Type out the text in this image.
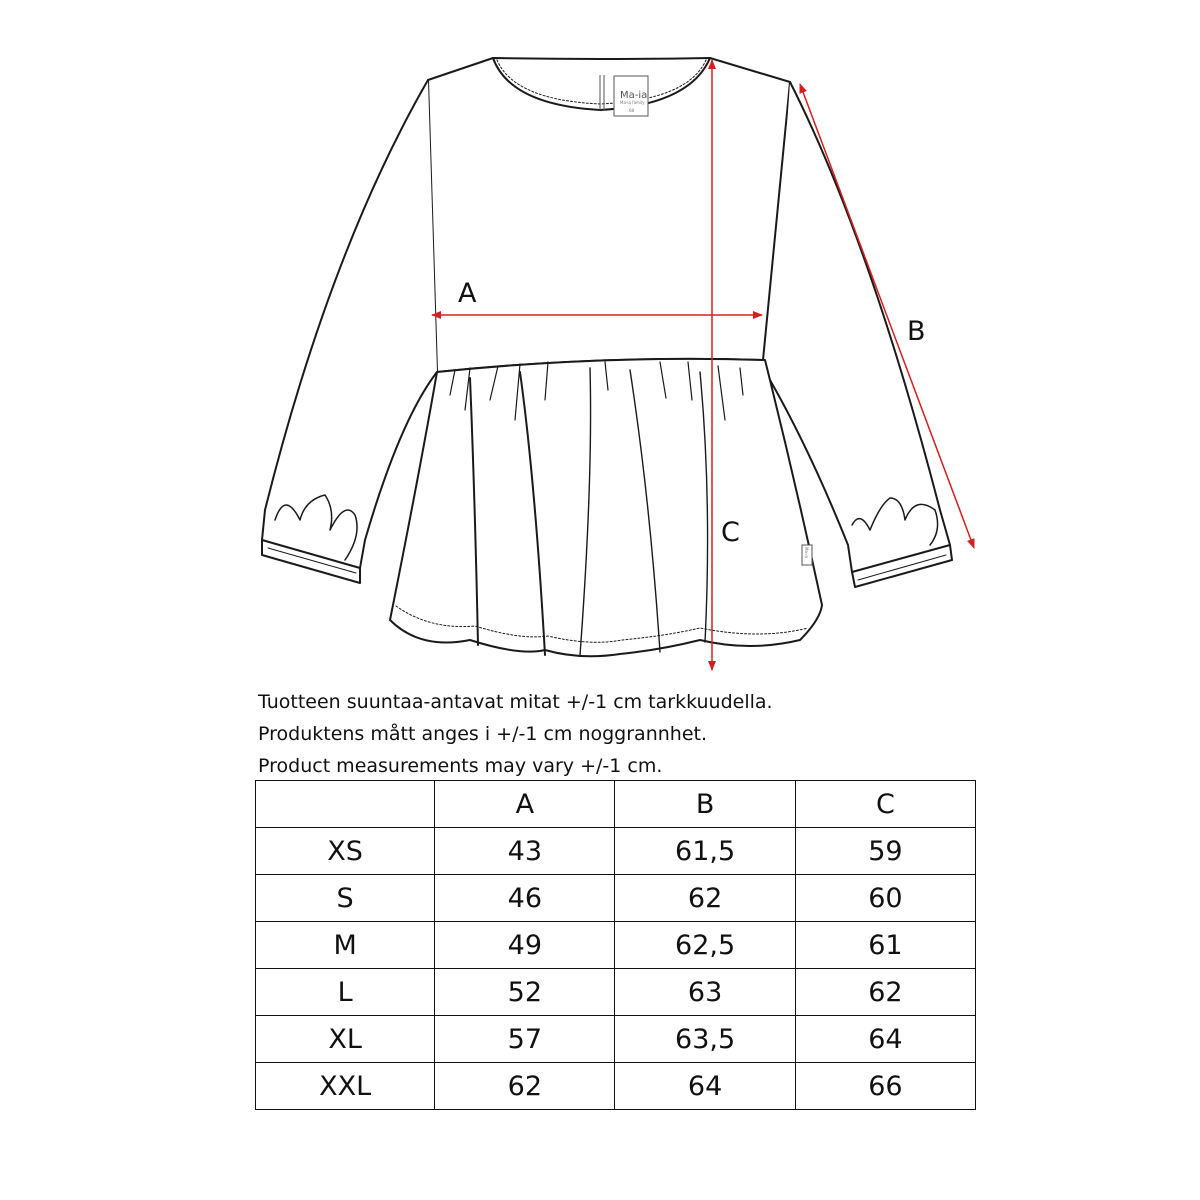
Ma-ia
Ma-ia family
68
Ma-ia
A
B
C
Tuotteen suuntaa-antavat mitat +/-1 cm tarkkuudella.
Produktens mått anges i +/-1 cm noggrannhet.
Product measurements may vary +/-1 cm.
	A	B	C
XS	43	61,5	59
S	46	62	60
M	49	62,5	61
L	52	63	62
XL	57	63,5	64
XXL	62	64	66
